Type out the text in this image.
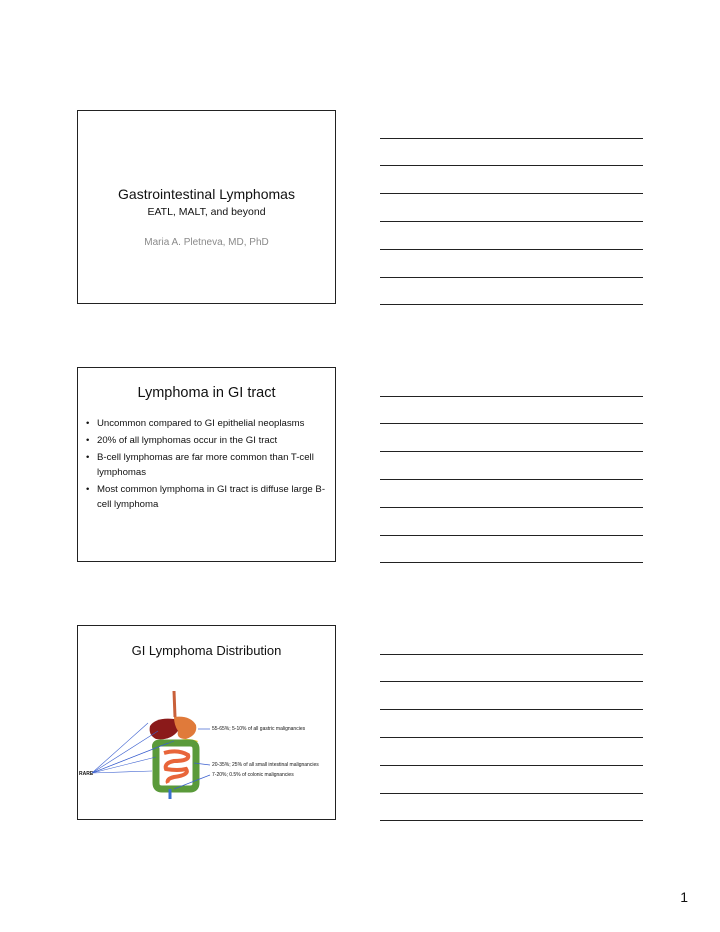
Gastrointestinal Lymphomas
EATL, MALT, and beyond
Maria A. Pletneva, MD, PhD
Lymphoma in GI tract
• Uncommon compared to GI epithelial neoplasms
• 20% of all lymphomas occur in the GI tract
• B-cell lymphomas are far more common than T-cell lymphomas
• Most common lymphoma in GI tract is diffuse large B-cell lymphoma
GI Lymphoma Distribution
RARE
55-65%; 5-10% of all gastric malignancies
20-35%; 25% of all small intestinal malignancies
7-20%; 0.5% of colonic malignancies
1
